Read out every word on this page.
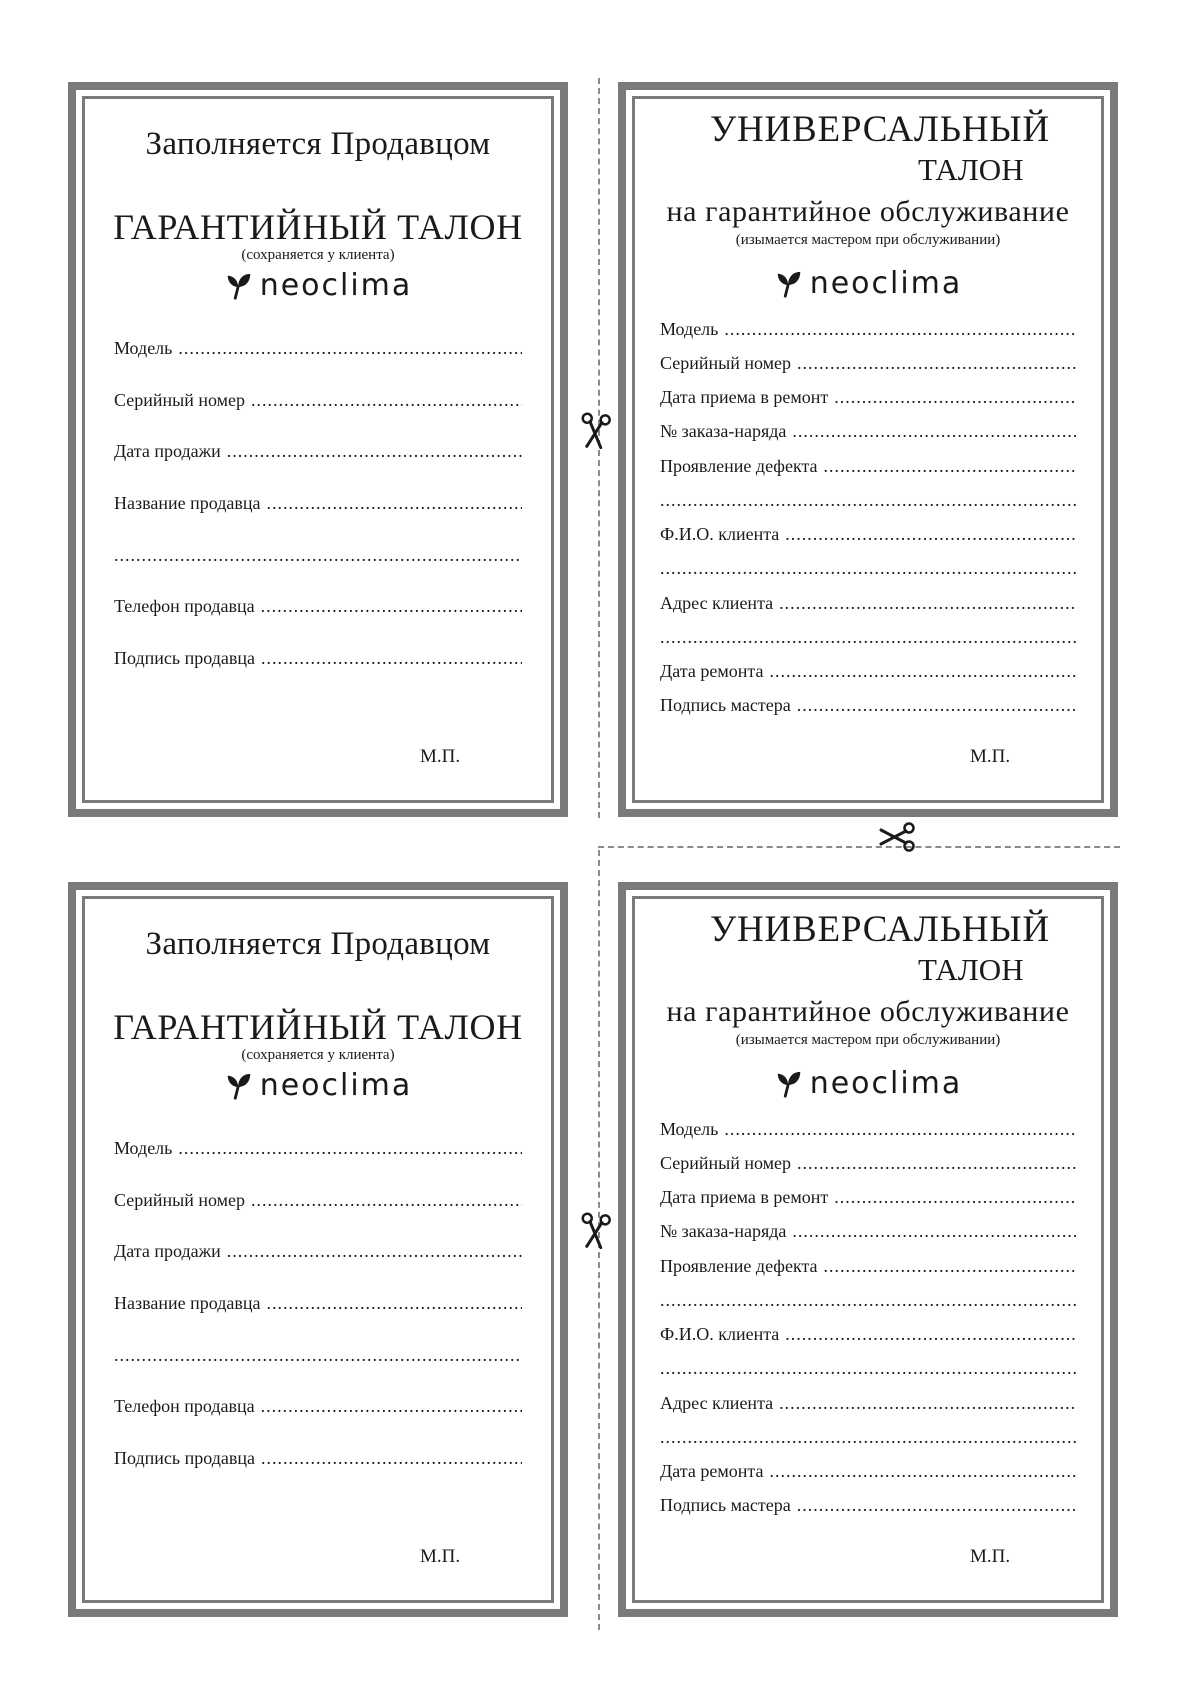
Заполняется Продавцом
ГАРАНТИЙНЫЙ ТАЛОН
(сохраняется у клиента)
neoclima
Модель
.....
Серийный номер
.....
Дата продажи
.....
Название продавца
.....
.....
Телефон продавца
.....
Подпись продавца
.....
М.П.
УНИВЕРСАЛЬНЫЙ
ТАЛОН
на гарантийное обслуживание
(изымается мастером при обслуживании)
neoclima
Модель
.....
Серийный номер
.....
Дата приема в ремонт
.....
№ заказа-наряда
.....
Проявление дефекта
.....
.....
Ф.И.О. клиента
.....
.....
Адрес клиента
.....
.....
Дата ремонта
.....
Подпись мастера
.....
М.П.
Заполняется Продавцом
ГАРАНТИЙНЫЙ ТАЛОН
(сохраняется у клиента)
neoclima
Модель
.....
Серийный номер
.....
Дата продажи
.....
Название продавца
.....
.....
Телефон продавца
.....
Подпись продавца
.....
М.П.
УНИВЕРСАЛЬНЫЙ
ТАЛОН
на гарантийное обслуживание
(изымается мастером при обслуживании)
neoclima
Модель
.....
Серийный номер
.....
Дата приема в ремонт
.....
№ заказа-наряда
.....
Проявление дефекта
.....
.....
Ф.И.О. клиента
.....
.....
Адрес клиента
.....
.....
Дата ремонта
.....
Подпись мастера
.....
М.П.
